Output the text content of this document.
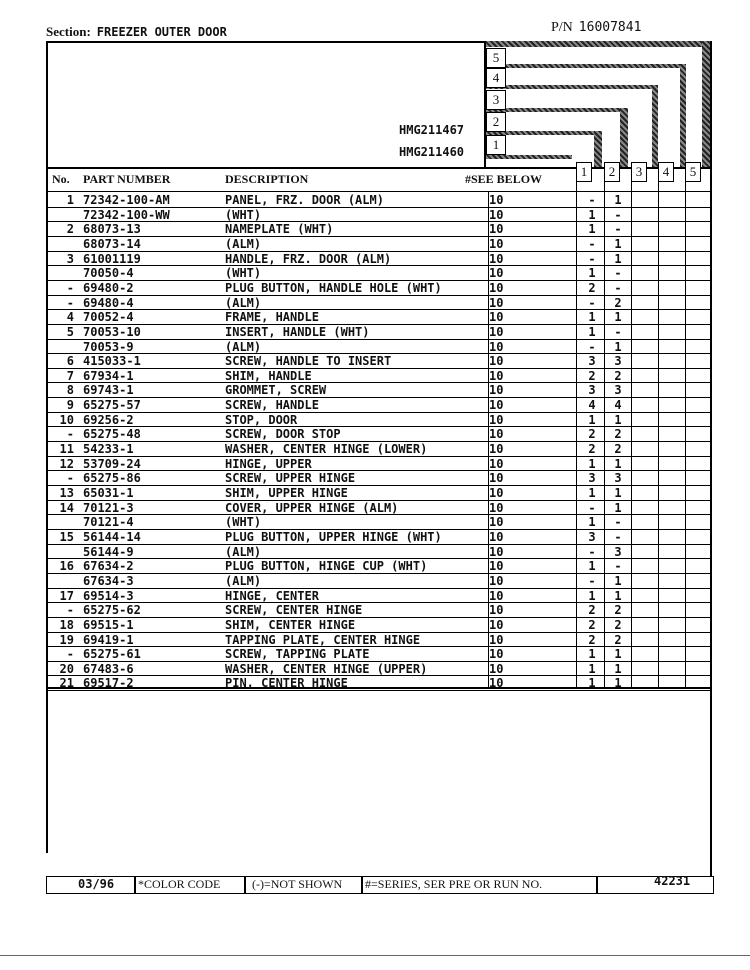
Section: FREEZER OUTER DOOR	P/N 16007841
5
4
3
2
1
HMG211467
HMG211460
1	2	3	4	5
No. PART NUMBER	DESCRIPTION	#SEE BELOW
1 72342-100-AM	PANEL, FRZ. DOOR (ALM)	10	- 1
72342-100-WW	(WHT)	10	1 -
2 68073-13	NAMEPLATE (WHT)	10	1 -
68073-14	(ALM)	10	- 1
3 61001119	HANDLE, FRZ. DOOR (ALM)	10	- 1
70050-4	(WHT)	10	1 -
- 69480-2	PLUG BUTTON, HANDLE HOLE (WHT)	10	2 -
- 69480-4	(ALM)	10	- 2
4 70052-4	FRAME, HANDLE	10	1 1
5 70053-10	INSERT, HANDLE (WHT)	10	1 -
70053-9	(ALM)	10	- 1
6 415033-1	SCREW, HANDLE TO INSERT	10	3 3
7 67934-1	SHIM, HANDLE	10	2 2
8 69743-1	GROMMET, SCREW	10	3 3
9 65275-57	SCREW, HANDLE	10	4 4
10 69256-2	STOP, DOOR	10	1 1
- 65275-48	SCREW, DOOR STOP	10	2 2
11 54233-1	WASHER, CENTER HINGE (LOWER)	10	2 2
12 53709-24	HINGE, UPPER	10	1 1
- 65275-86	SCREW, UPPER HINGE	10	3 3
13 65031-1	SHIM, UPPER HINGE	10	1 1
14 70121-3	COVER, UPPER HINGE (ALM)	10	- 1
70121-4	(WHT)	10	1 -
15 56144-14	PLUG BUTTON, UPPER HINGE (WHT)	10	3 -
56144-9	(ALM)	10	- 3
16 67634-2	PLUG BUTTON, HINGE CUP (WHT)	10	1 -
67634-3	(ALM)	10	- 1
17 69514-3	HINGE, CENTER	10	1 1
- 65275-62	SCREW, CENTER HINGE	10	2 2
18 69515-1	SHIM, CENTER HINGE	10	2 2
19 69419-1	TAPPING PLATE, CENTER HINGE	10	2 2
- 65275-61	SCREW, TAPPING PLATE	10	1 1
20 67483-6	WASHER, CENTER HINGE (UPPER)	10	1 1
21 69517-2	PIN, CENTER HINGE	10	1 1
03/96 *COLOR CODE	(-)=NOT SHOWN #=SERIES, SER PRE OR RUN NO.	42231
